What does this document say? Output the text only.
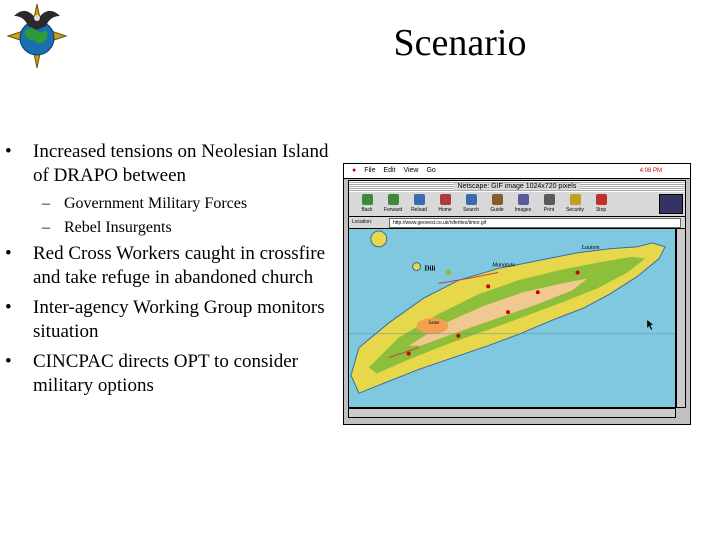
Scenario
• Increased tensions on Neolesian Island of DRAPO between
– Government Military Forces
– Rebel Insurgents
• Red Cross Workers caught in crossfire and take refuge in abandoned church
• Inter-agency Working Group monitors situation
• CINCPAC directs OPT to consider military options
● File Edit View Go	4:08 PM
Netscape: GIF image 1024x720 pixels
Back	Forward	Reload	Home	Search	Guide	Images	Print	Security	Stop
Location:	http://www.geovest.co.uk/niferties/timor.gif
Dili	Manatuto
Lautem
Same
